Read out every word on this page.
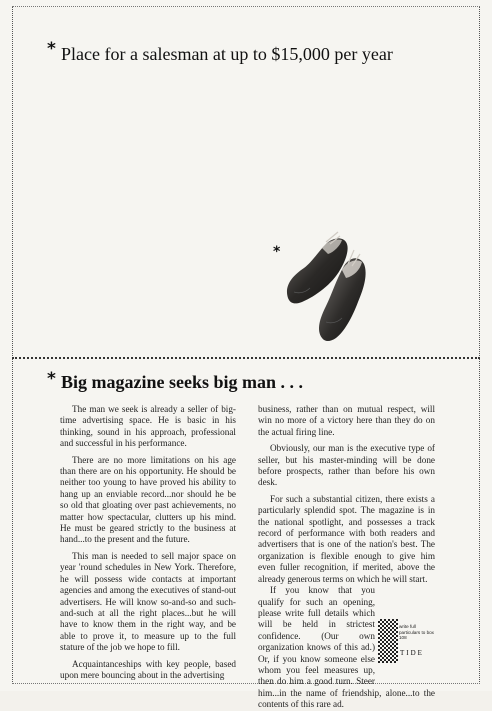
* Place for a salesman at up to $15,000 per year
*
* Big magazine seeks big man . . .

The man we seek is already a seller of big-time advertising space. He is basic in his thinking, sound in his approach, professional and successful in his performance.

There are no more limitations on his age than there are on his opportunity. He should be neither too young to have proved his ability to hang up an enviable record...nor should he be so old that gloating over past achievements, no matter how spectacular, clutters up his mind. He must be geared strictly to the business at hand...to the present and the future.

This man is needed to sell major space on year 'round schedules in New York. Therefore, he will possess wide contacts at important agencies and among the executives of stand-out advertisers. He will know so-and-so and such-and-such at all the right places...but he will have to know them in the right way, and be able to prove it, to measure up to the full stature of the job we hope to fill.

Acquaintanceships with key people, based upon mere bouncing about in the advertising

business, rather than on mutual respect, will win no more of a victory here than they do on the actual firing line.

Obviously, our man is the executive type of seller, but his master-minding will be done before prospects, rather than before his own desk.

For such a substantial citizen, there exists a particularly splendid spot. The magazine is in the national spotlight, and possesses a track record of performance with both readers and advertisers that is one of the nation's best. The organization is flexible enough to give him even fuller recognition, if merited, above the already generous terms on which he will start.

If you know that you qualify for such an opening, please write full details which will be held in strictest confidence. (Our own organization knows of this ad.) Or, if you know someone else whom you feel measures up, then do him a good turn. Steer him...in the name of friendship, alone...to the contents of this rare ad.

write full particulars to box 108
TIDE
